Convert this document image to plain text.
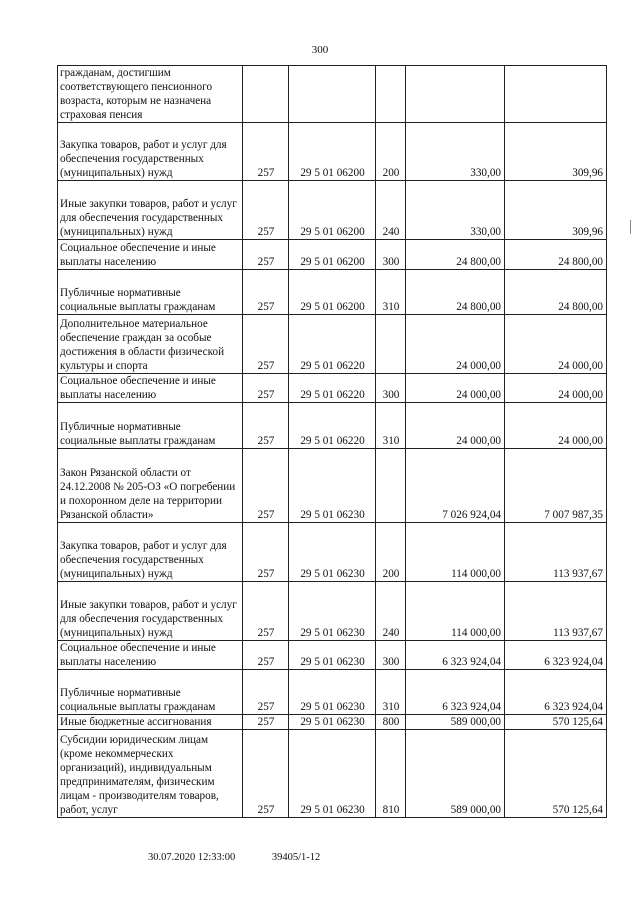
300
гражданам, достигшим соответствующего пенсионного возраста, которым не назначена страховая пенсия					
Закупка товаров, работ и услуг для обеспечения государственных (муниципальных) нужд	257	29 5 01 06200	200	330,00	309,96
Иные закупки товаров, работ и услуг для обеспечения государственных (муниципальных) нужд	257	29 5 01 06200	240	330,00	309,96
Социальное обеспечение и иные выплаты населению	257	29 5 01 06200	300	24 800,00	24 800,00
Публичные нормативные социальные выплаты гражданам	257	29 5 01 06200	310	24 800,00	24 800,00
Дополнительное материальное обеспечение граждан за особые достижения в области физической культуры и спорта	257	29 5 01 06220		24 000,00	24 000,00
Социальное обеспечение и иные выплаты населению	257	29 5 01 06220	300	24 000,00	24 000,00
Публичные нормативные социальные выплаты гражданам	257	29 5 01 06220	310	24 000,00	24 000,00
Закон Рязанской области от 24.12.2008 № 205-ОЗ «О погребении и похоронном деле на территории Рязанской области»	257	29 5 01 06230		7 026 924,04	7 007 987,35
Закупка товаров, работ и услуг для обеспечения государственных (муниципальных) нужд	257	29 5 01 06230	200	114 000,00	113 937,67
Иные закупки товаров, работ и услуг для обеспечения государственных (муниципальных) нужд	257	29 5 01 06230	240	114 000,00	113 937,67
Социальное обеспечение и иные выплаты населению	257	29 5 01 06230	300	6 323 924,04	6 323 924,04
Публичные нормативные социальные выплаты гражданам	257	29 5 01 06230	310	6 323 924,04	6 323 924,04
Иные бюджетные ассигнования	257	29 5 01 06230	800	589 000,00	570 125,64
Субсидии юридическим лицам (кроме некоммерческих организаций), индивидуальным предпринимателям, физическим лицам - производителям товаров, работ, услуг	257	29 5 01 06230	810	589 000,00	570 125,64
30.07.2020 12:33:00	39405/1-12
